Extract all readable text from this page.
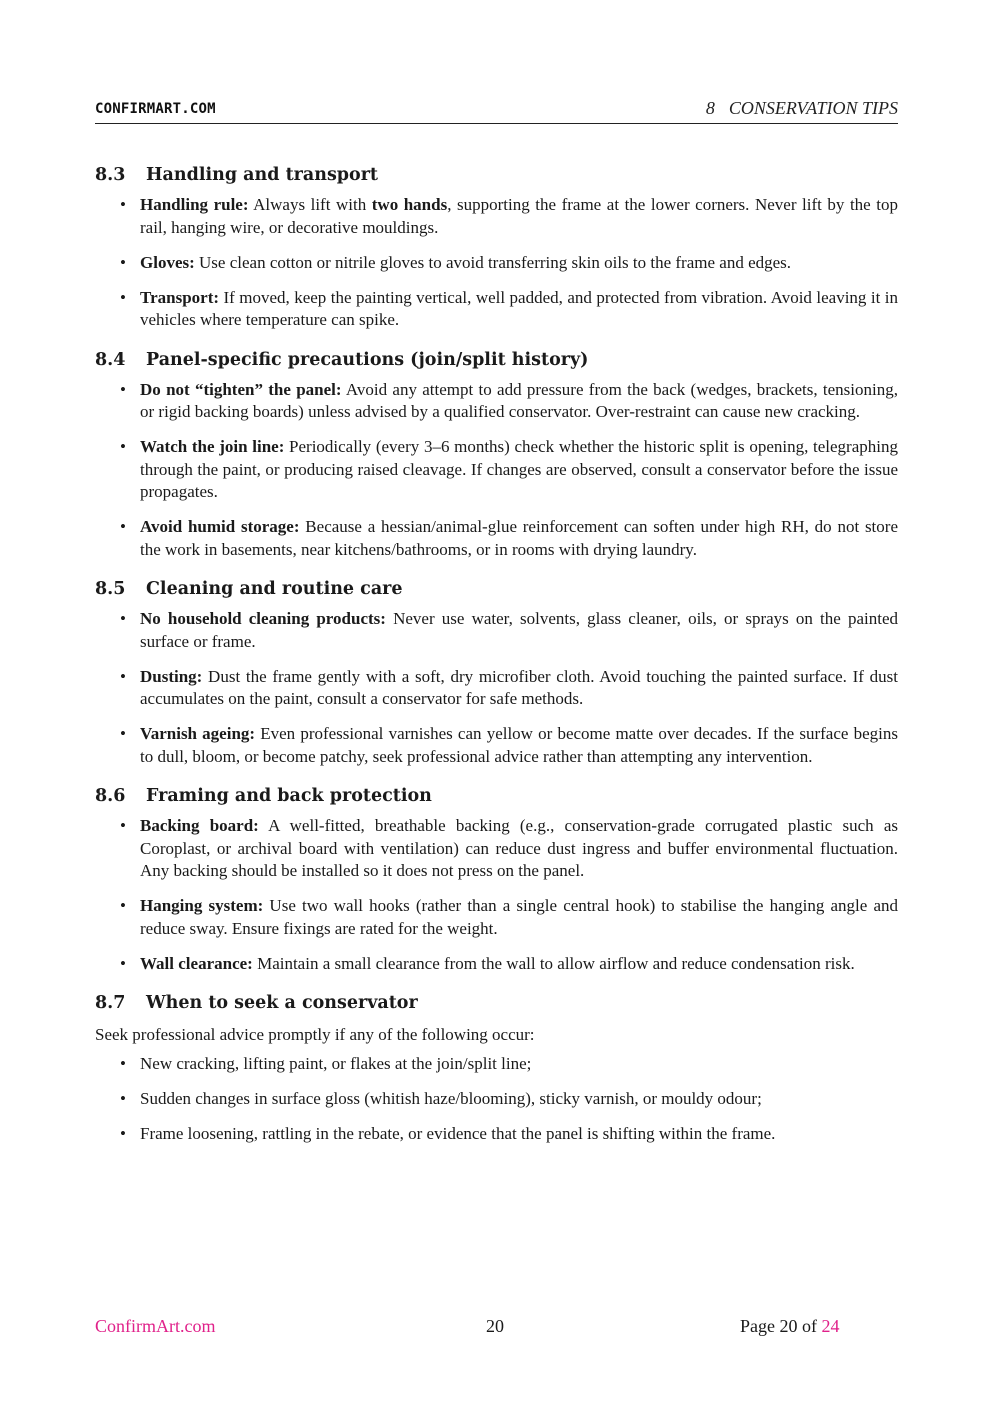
CONFIRMART.COM	8 CONSERVATION TIPS
8.3 Handling and transport
• Handling rule: Always lift with two hands, supporting the frame at the lower corners. Never lift by the top rail, hanging wire, or decorative mouldings.
• Gloves: Use clean cotton or nitrile gloves to avoid transferring skin oils to the frame and edges.
• Transport: If moved, keep the painting vertical, well padded, and protected from vibration. Avoid leaving it in vehicles where temperature can spike.
8.4 Panel-specific precautions (join/split history)
• Do not “tighten” the panel: Avoid any attempt to add pressure from the back (wedges, brackets, tensioning, or rigid backing boards) unless advised by a qualified conservator. Over-restraint can cause new cracking.
• Watch the join line: Periodically (every 3–6 months) check whether the historic split is opening, telegraphing through the paint, or producing raised cleavage. If changes are observed, consult a conservator before the issue propagates.
• Avoid humid storage: Because a hessian/animal-glue reinforcement can soften under high RH, do not store the work in basements, near kitchens/bathrooms, or in rooms with drying laundry.
8.5 Cleaning and routine care
• No household cleaning products: Never use water, solvents, glass cleaner, oils, or sprays on the painted surface or frame.
• Dusting: Dust the frame gently with a soft, dry microfiber cloth. Avoid touching the painted surface. If dust accumulates on the paint, consult a conservator for safe methods.
• Varnish ageing: Even professional varnishes can yellow or become matte over decades. If the surface begins to dull, bloom, or become patchy, seek professional advice rather than attempting any intervention.
8.6 Framing and back protection
• Backing board: A well-fitted, breathable backing (e.g., conservation-grade corrugated plastic such as Coroplast, or archival board with ventilation) can reduce dust ingress and buffer environmental fluctuation. Any backing should be installed so it does not press on the panel.
• Hanging system: Use two wall hooks (rather than a single central hook) to stabilise the hanging angle and reduce sway. Ensure fixings are rated for the weight.
• Wall clearance: Maintain a small clearance from the wall to allow airflow and reduce condensation risk.
8.7 When to seek a conservator

Seek professional advice promptly if any of the following occur:

• New cracking, lifting paint, or flakes at the join/split line;
• Sudden changes in surface gloss (whitish haze/blooming), sticky varnish, or mouldy odour;
• Frame loosening, rattling in the rebate, or evidence that the panel is shifting within the frame.
ConfirmArt.com	20	Page 20 of 24
